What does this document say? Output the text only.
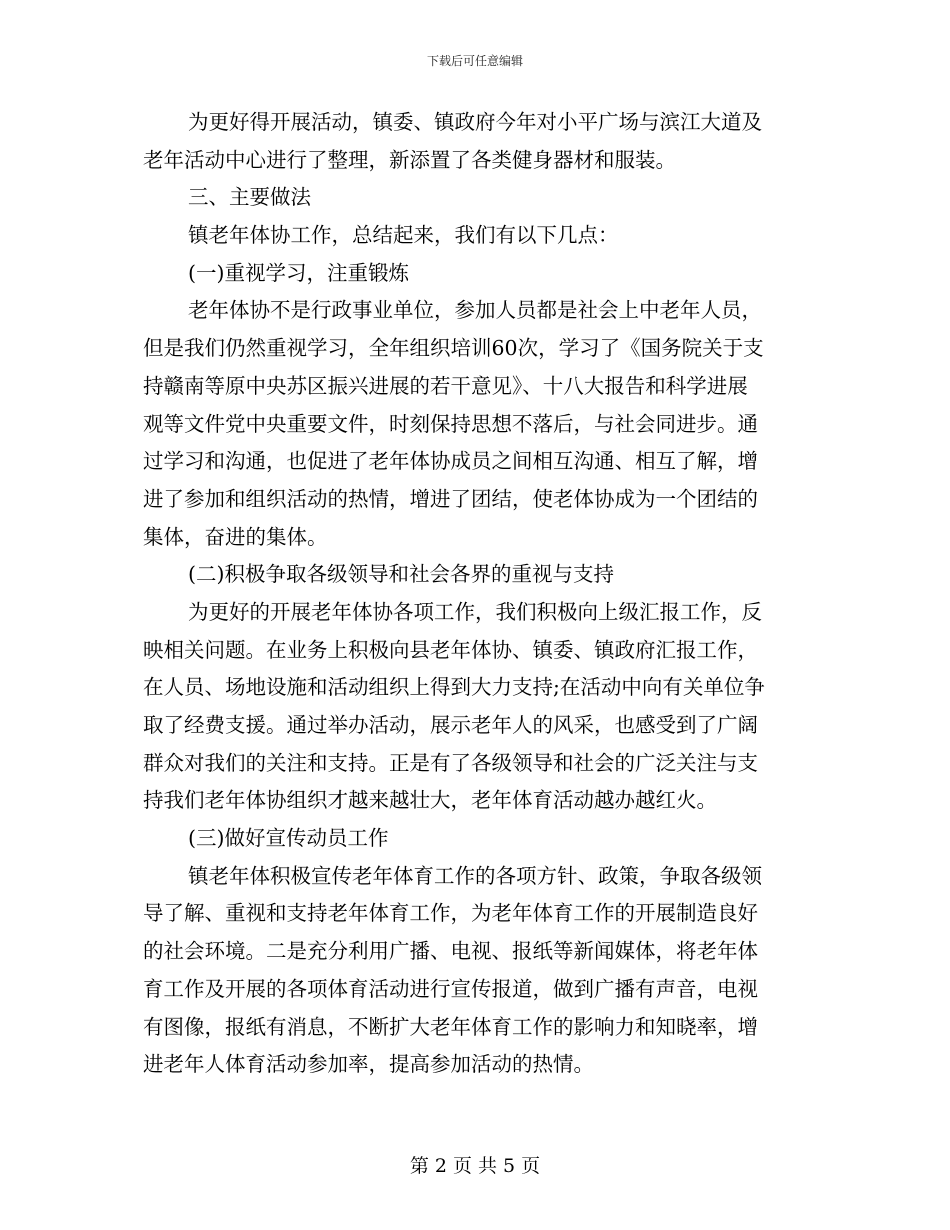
下载后可任意编辑
为更好得开展活动，镇委、镇政府今年对小平广场与滨江大道及
老年活动中心进行了整理，新添置了各类健身器材和服装。
三、主要做法
镇老年体协工作，总结起来，我们有以下几点：
(一)重视学习，注重锻炼
老年体协不是行政事业单位，参加人员都是社会上中老年人员，
但是我们仍然重视学习，全年组织培训60次，学习了《国务院关于支
持赣南等原中央苏区振兴进展的若干意见》、十八大报告和科学进展
观等文件党中央重要文件，时刻保持思想不落后，与社会同进步。通
过学习和沟通，也促进了老年体协成员之间相互沟通、相互了解，增
进了参加和组织活动的热情，增进了团结，使老体协成为一个团结的
集体，奋进的集体。
(二)积极争取各级领导和社会各界的重视与支持
为更好的开展老年体协各项工作，我们积极向上级汇报工作，反
映相关问题。在业务上积极向县老年体协、镇委、镇政府汇报工作，
在人员、场地设施和活动组织上得到大力支持;在活动中向有关单位争
取了经费支援。通过举办活动，展示老年人的风采，也感受到了广阔
群众对我们的关注和支持。正是有了各级领导和社会的广泛关注与支
持我们老年体协组织才越来越壮大，老年体育活动越办越红火。
(三)做好宣传动员工作
镇老年体积极宣传老年体育工作的各项方针、政策，争取各级领
导了解、重视和支持老年体育工作，为老年体育工作的开展制造良好
的社会环境。二是充分利用广播、电视、报纸等新闻媒体，将老年体
育工作及开展的各项体育活动进行宣传报道，做到广播有声音，电视
有图像，报纸有消息，不断扩大老年体育工作的影响力和知晓率，增
进老年人体育活动参加率，提高参加活动的热情。
第 2 页 共 5 页
